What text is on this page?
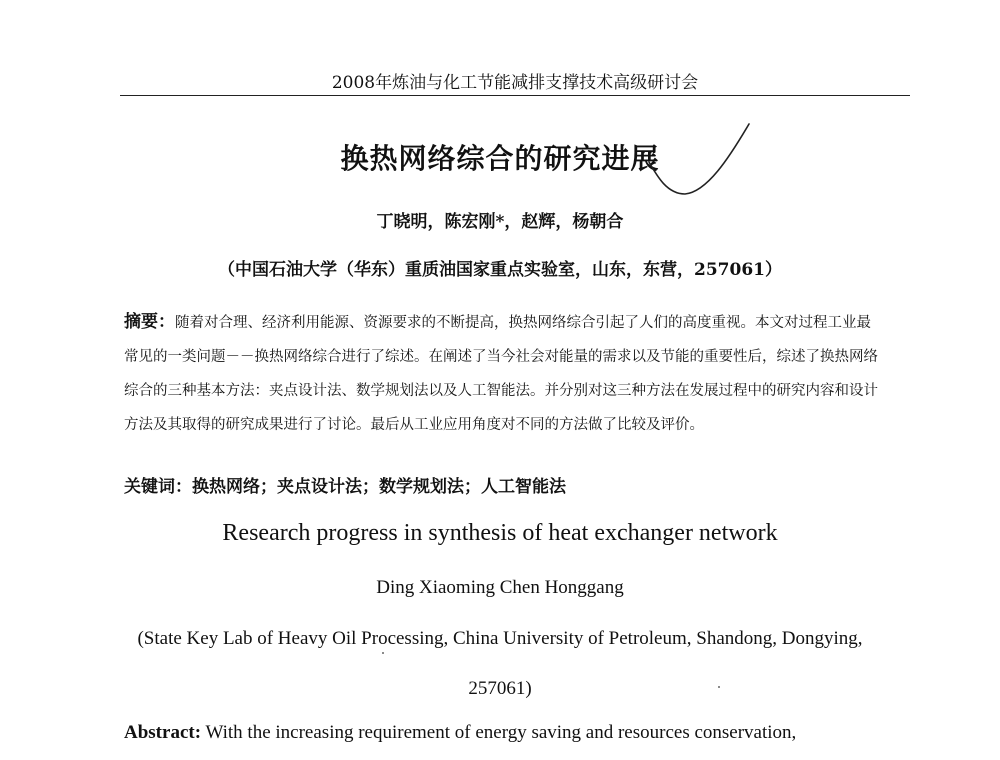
2008年炼油与化工节能减排支撑技术高级研讨会
换热网络综合的研究进展
丁晓明，陈宏刚*，赵辉，杨朝合
（中国石油大学（华东）重质油国家重点实验室，山东，东营，257061）
摘要：随着对合理、经济利用能源、资源要求的不断提高，换热网络综合引起了人们的高度重视。本文对过程工业最
常见的一类问题－－换热网络综合进行了综述。在阐述了当今社会对能量的需求以及节能的重要性后，综述了换热网络
综合的三种基本方法：夹点设计法、数学规划法以及人工智能法。并分别对这三种方法在发展过程中的研究内容和设计
方法及其取得的研究成果进行了讨论。最后从工业应用角度对不同的方法做了比较及评价。
关键词：换热网络；夹点设计法；数学规划法；人工智能法
Research progress in synthesis of heat exchanger network
Ding Xiaoming Chen Honggang
(State Key Lab of Heavy Oil Processing, China University of Petroleum, Shandong, Dongying,
257061)
Abstract: With the increasing requirement of energy saving and resources conservation,
